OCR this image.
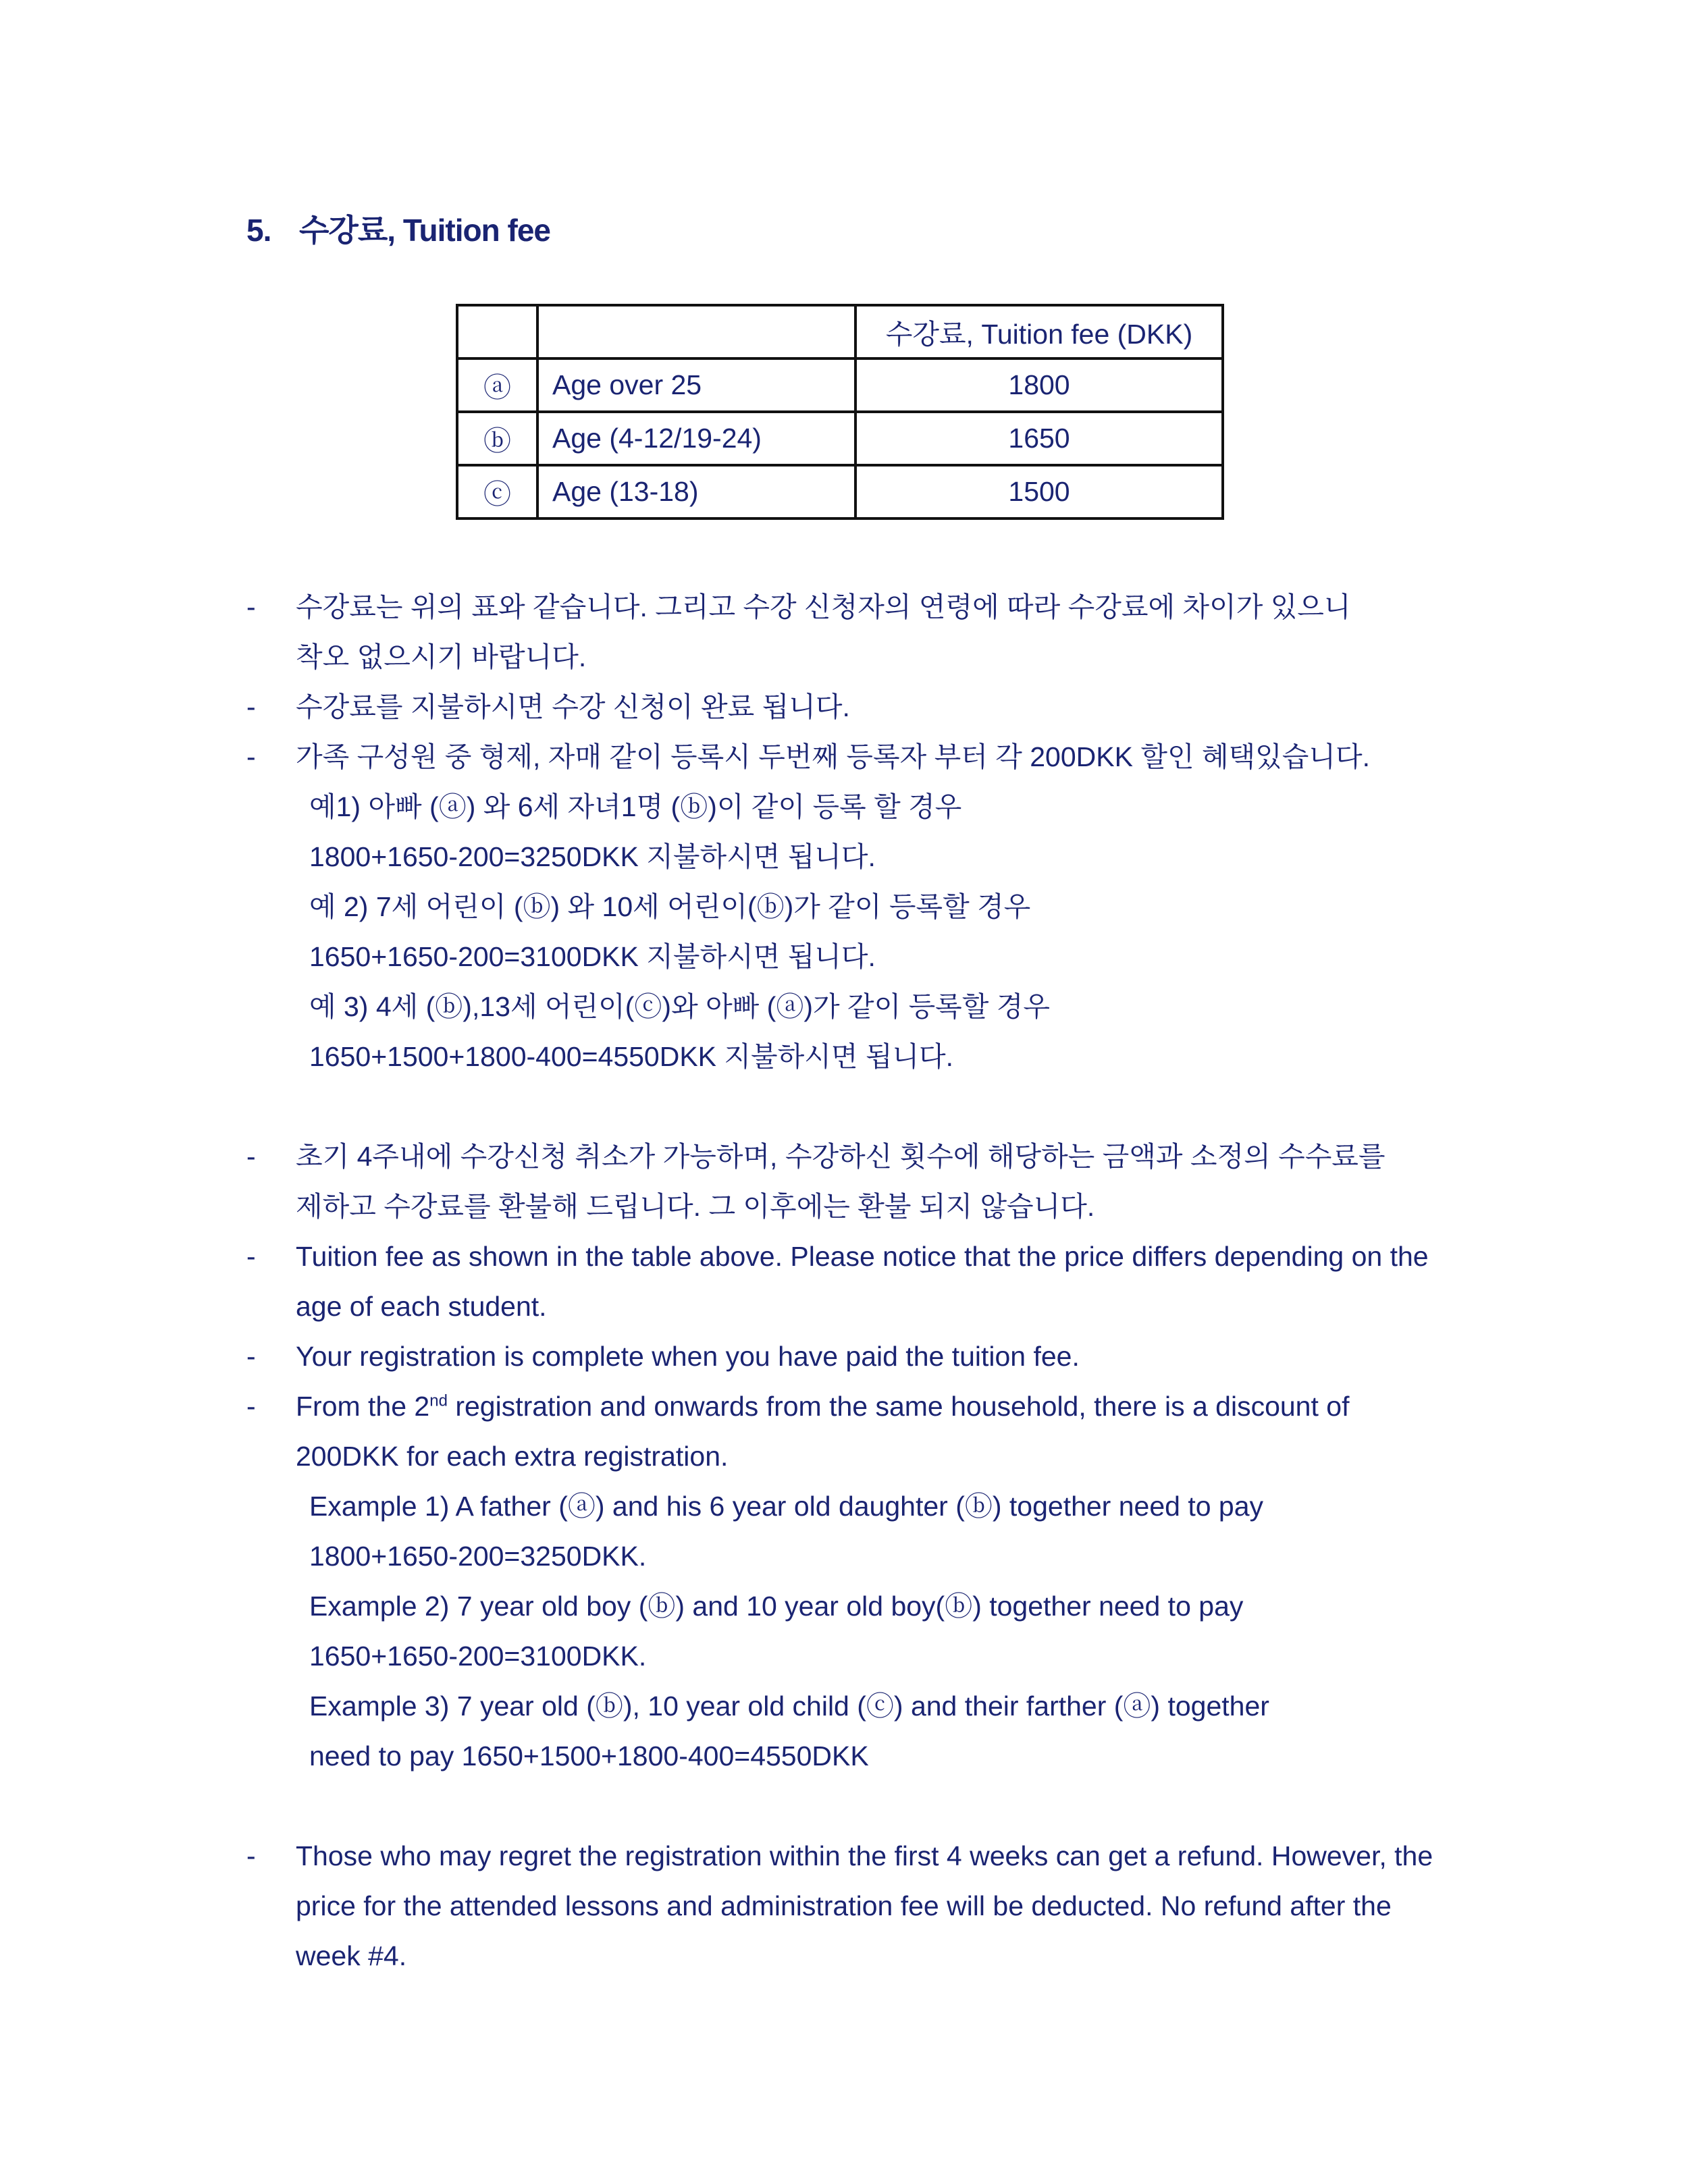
5. 수강료, Tuition fee
		수강료, Tuition fee (DKK)
ⓐ	Age over 25	1800
ⓑ	Age (4-12/19-24)	1650
ⓒ	Age (13-18)	1500
- 수강료는 위의 표와 같습니다. 그리고 수강 신청자의 연령에 따라 수강료에 차이가 있으니
착오 없으시기 바랍니다.
- 수강료를 지불하시면 수강 신청이 완료 됩니다.
- 가족 구성원 중 형제, 자매 같이 등록시 두번째 등록자 부터 각 200DKK 할인 혜택있습니다.
예1) 아빠 (ⓐ) 와 6세 자녀1명 (ⓑ)이 같이 등록 할 경우
1800+1650-200=3250DKK 지불하시면 됩니다.
예 2) 7세 어린이 (ⓑ) 와 10세 어린이(ⓑ)가 같이 등록할 경우
1650+1650-200=3100DKK 지불하시면 됩니다.
예 3) 4세 (ⓑ),13세 어린이(ⓒ)와 아빠 (ⓐ)가 같이 등록할 경우
1650+1500+1800-400=4550DKK 지불하시면 됩니다.
- 초기 4주내에 수강신청 취소가 가능하며, 수강하신 횟수에 해당하는 금액과 소정의 수수료를
제하고 수강료를 환불해 드립니다. 그 이후에는 환불 되지 않습니다.
- Tuition fee as shown in the table above. Please notice that the price differs depending on the
age of each student.
- Your registration is complete when you have paid the tuition fee.
- From the 2nd registration and onwards from the same household, there is a discount of
200DKK for each extra registration.
Example 1) A father (ⓐ) and his 6 year old daughter (ⓑ) together need to pay
1800+1650-200=3250DKK.
Example 2) 7 year old boy (ⓑ) and 10 year old boy(ⓑ) together need to pay
1650+1650-200=3100DKK.
Example 3) 7 year old (ⓑ), 10 year old child (ⓒ) and their farther (ⓐ) together
need to pay 1650+1500+1800-400=4550DKK
- Those who may regret the registration within the first 4 weeks can get a refund. However, the
price for the attended lessons and administration fee will be deducted. No refund after the
week #4.
